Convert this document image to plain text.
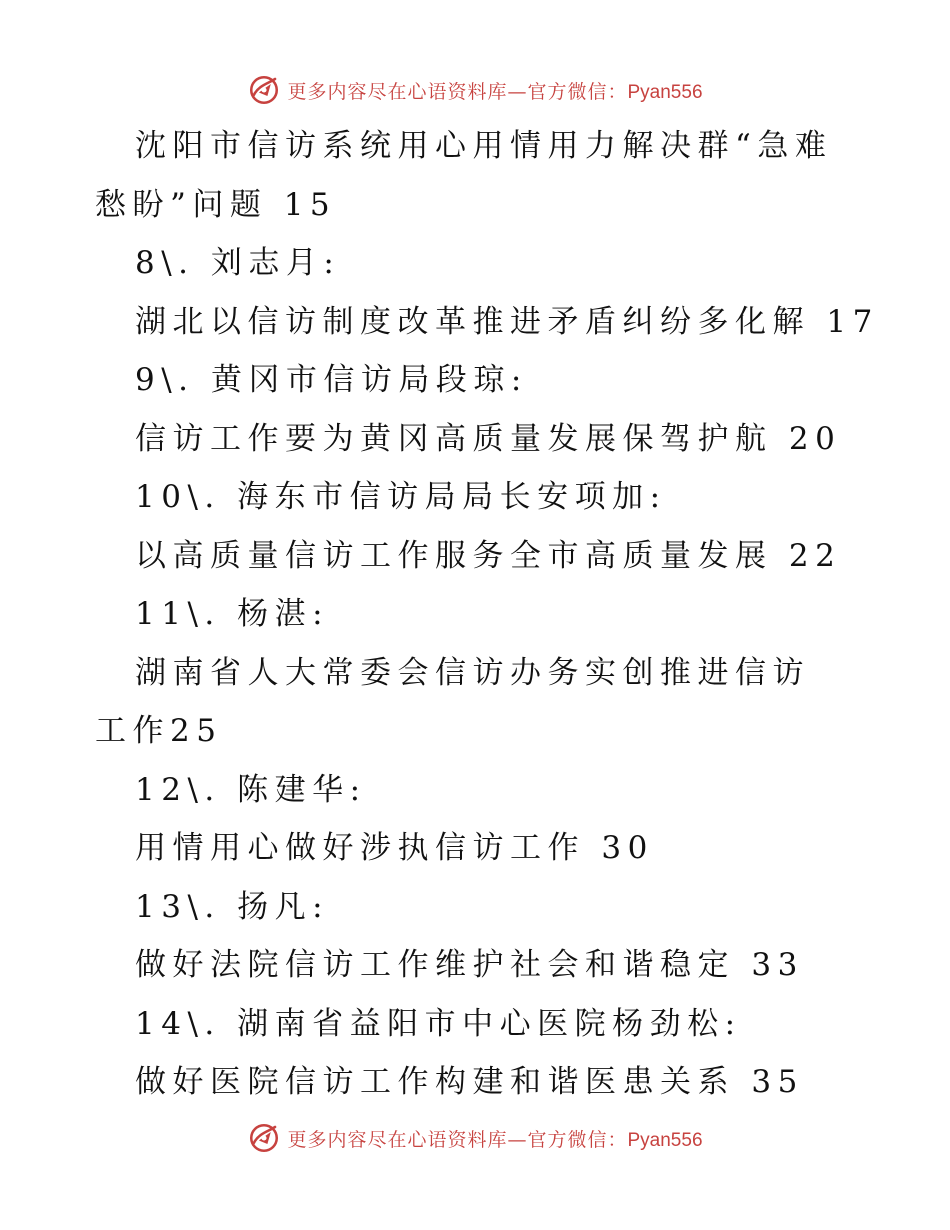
更多内容尽在心语资料库—官方微信：Pyan556
沈阳市信访系统用心用情用力解决群“急难愁盼”问题 15
8\. 刘志月:
湖北以信访制度改革推进矛盾纠纷多化解 17
9\. 黄冈市信访局段琼:
信访工作要为黄冈高质量发展保驾护航 20
10\. 海东市信访局局长安项加:
以高质量信访工作服务全市高质量发展 22
11\. 杨湛:
湖南省人大常委会信访办务实创推进信访工作25
12\. 陈建华:
用情用心做好涉执信访工作 30
13\. 扬凡:
做好法院信访工作维护社会和谐稳定 33
14\. 湖南省益阳市中心医院杨劲松:
做好医院信访工作构建和谐医患关系 35
更多内容尽在心语资料库—官方微信：Pyan556
